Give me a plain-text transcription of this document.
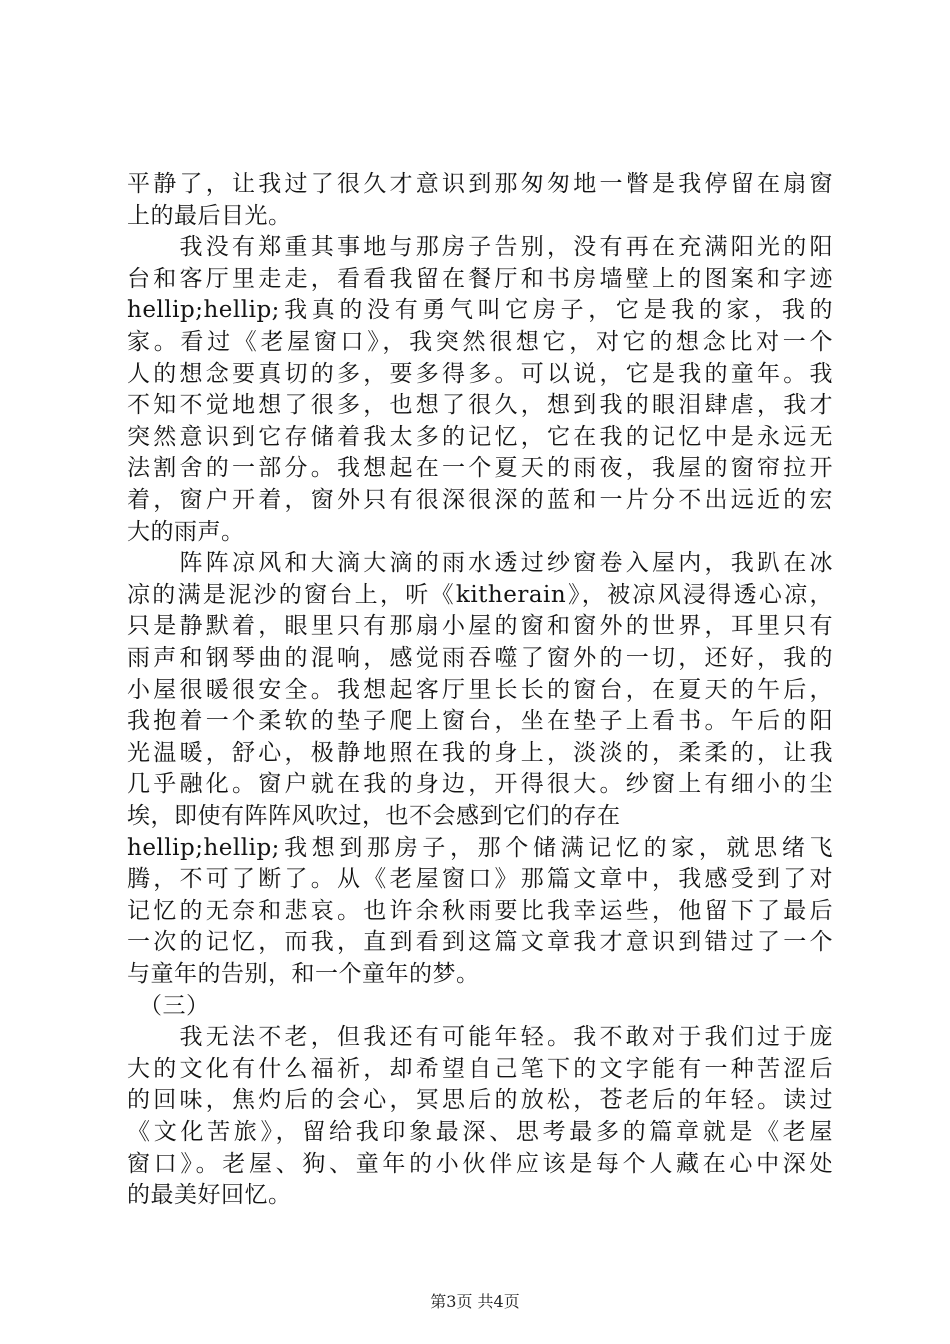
平静了，让我过了很久才意识到那匆匆地一瞥是我停留在扇窗
上的最后目光。
　　我没有郑重其事地与那房子告别，没有再在充满阳光的阳
台和客厅里走走，看看我留在餐厅和书房墙壁上的图案和字迹
hellip;hellip;我真的没有勇气叫它房子，它是我的家，我的
家。看过《老屋窗口》，我突然很想它，对它的想念比对一个
人的想念要真切的多，要多得多。可以说，它是我的童年。我
不知不觉地想了很多，也想了很久，想到我的眼泪肆虐，我才
突然意识到它存储着我太多的记忆，它在我的记忆中是永远无
法割舍的一部分。我想起在一个夏天的雨夜，我屋的窗帘拉开
着，窗户开着，窗外只有很深很深的蓝和一片分不出远近的宏
大的雨声。
　　阵阵凉风和大滴大滴的雨水透过纱窗卷入屋内，我趴在冰
凉的满是泥沙的窗台上，听《kitherain》，被凉风浸得透心凉，
只是静默着，眼里只有那扇小屋的窗和窗外的世界，耳里只有
雨声和钢琴曲的混响，感觉雨吞噬了窗外的一切，还好，我的
小屋很暖很安全。我想起客厅里长长的窗台，在夏天的午后，
我抱着一个柔软的垫子爬上窗台，坐在垫子上看书。午后的阳
光温暖，舒心，极静地照在我的身上，淡淡的，柔柔的，让我
几乎融化。窗户就在我的身边，开得很大。纱窗上有细小的尘
埃，即使有阵阵风吹过，也不会感到它们的存在
hellip;hellip;我想到那房子，那个储满记忆的家，就思绪飞
腾，不可了断了。从《老屋窗口》那篇文章中，我感受到了对
记忆的无奈和悲哀。也许余秋雨要比我幸运些，他留下了最后
一次的记忆，而我，直到看到这篇文章我才意识到错过了一个
与童年的告别，和一个童年的梦。
　（三）
　　我无法不老，但我还有可能年轻。我不敢对于我们过于庞
大的文化有什么福祈，却希望自己笔下的文字能有一种苦涩后
的回味，焦灼后的会心，冥思后的放松，苍老后的年轻。读过
《文化苦旅》，留给我印象最深、思考最多的篇章就是《老屋
窗口》。老屋、狗、童年的小伙伴应该是每个人藏在心中深处
的最美好回忆。
第3页 共4页
